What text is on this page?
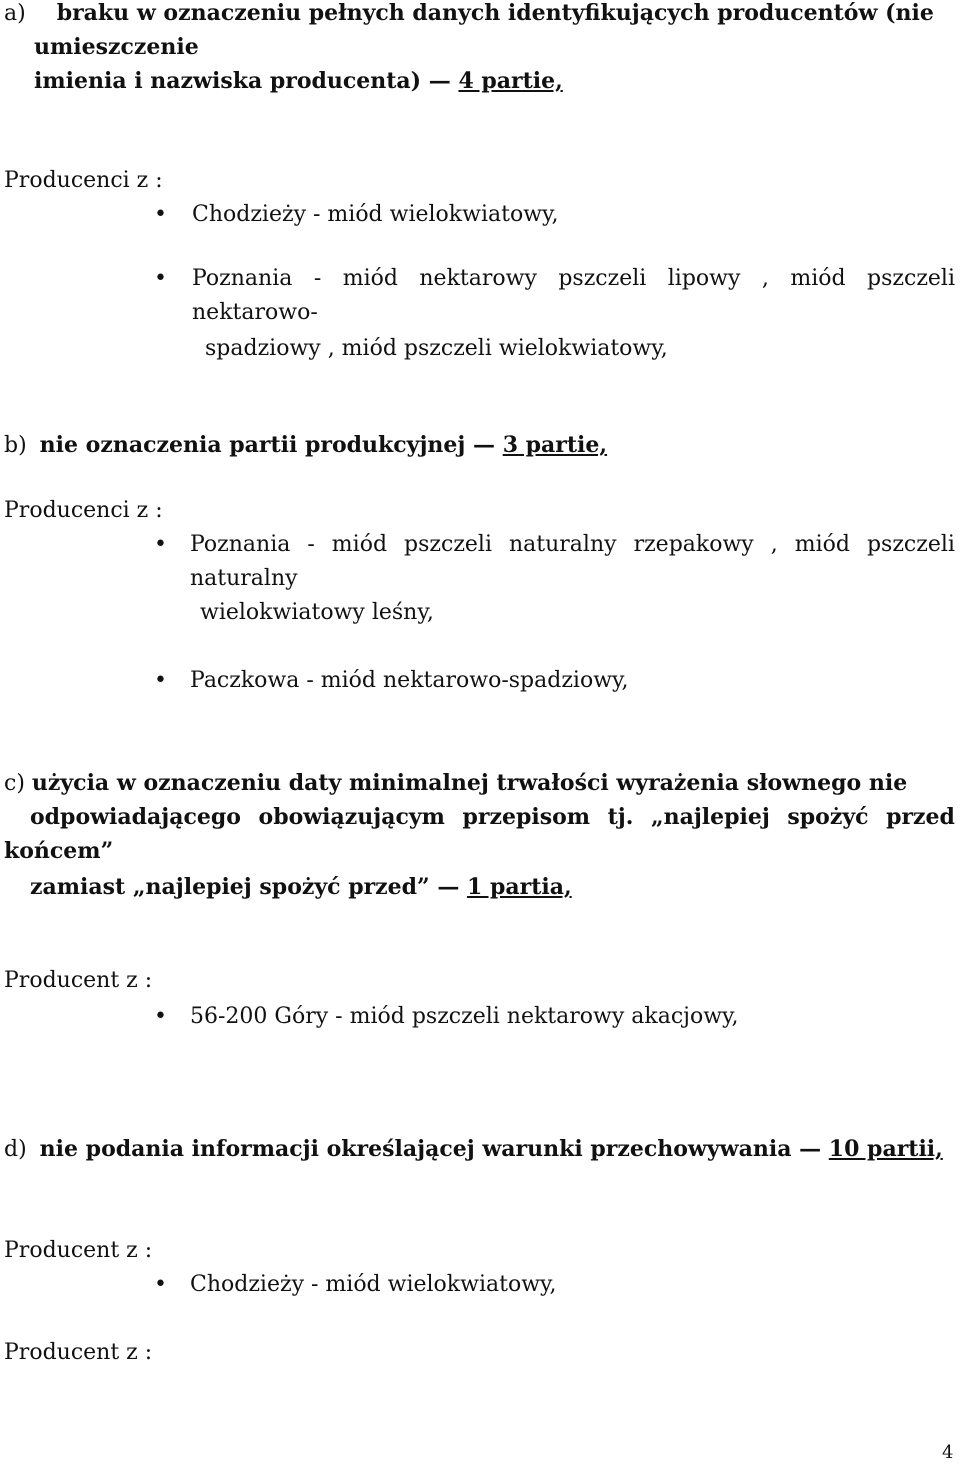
a) braku w oznaczeniu pełnych danych identyfikujących producentów (nie
umieszczenie
imienia i nazwiska producenta) — 4 partie,
Producenci z :
• Chodzieży - miód wielokwiatowy,
• Poznania - miód nektarowy pszczeli lipowy , miód pszczeli
nektarowo-
spadziowy , miód pszczeli wielokwiatowy,
b) nie oznaczenia partii produkcyjnej — 3 partie,
Producenci z :
• Poznania - miód pszczeli naturalny rzepakowy , miód pszczeli
naturalny
wielokwiatowy leśny,
• Paczkowa - miód nektarowo-spadziowy,
c) użycia w oznaczeniu daty minimalnej trwałości wyrażenia słownego nie
odpowiadającego obowiązującym przepisom tj. „najlepiej spożyć przed
końcem”
zamiast „najlepiej spożyć przed” — 1 partia,
Producent z :
• 56-200 Góry - miód pszczeli nektarowy akacjowy,
d) nie podania informacji określającej warunki przechowywania — 10 partii,
Producent z :
• Chodzieży - miód wielokwiatowy,
Producent z :
4
